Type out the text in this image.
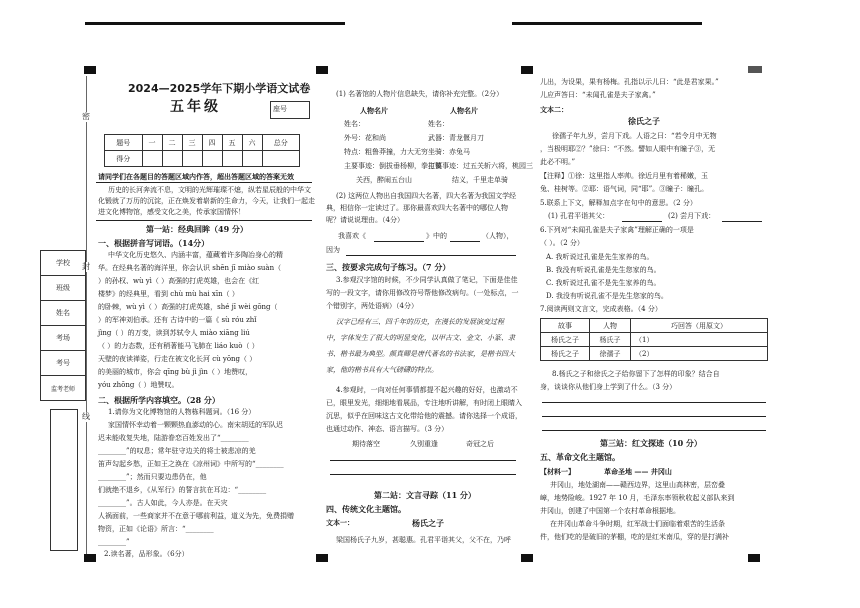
密
封
线
学校
班级
姓名
考场
考号
监考老师
2024—2025学年下期小学语文试卷
五年级	座号
题号	一	二	三	四	五	六	总分
得分							
请同学们在各题目的答题区域内作答，超出答题区域的答案无效
历史的长河奔流不息，文明的光辉璀璨不熄，纵若星辰般的中华文
化锻就了万历的沉淀，正在焕发着崭新的生命力，今天，让我们一起走
进文化博物馆，感受文化之美，传承家国情怀！
第一站：经典回眸（49 分）
一、根据拼音写词语。（14分）
中华文化历史悠久、内涵丰富，蕴藏着许多陶冶身心的精
华。在经典名著的海洋里，你会认识 shēn jī miào suàn（
）的孙权、wù yì（ ）高强的打虎英雄，也会在《红
楼梦》的经典里，看到 chù mù hai xīn（ ）
的卧棘，wù yì（ ）高强的打虎英雄，shé jī wèi gōng（
）的军神刘伯承。还有 古诗中的一篇《 sù róu zhǐ
jìng（ ）的万变，读到苏轼令人 miào xiāng liú
（ ）的力态数，还有稍著能马飞肺在 liáo kuò（ ）
天壁的夜读禅姿，行走在被文化长河 cù yōng（ ）
的美丽的城市，你会 qīng bù jì jìn（ ）地赞叹，
yóu zhōng（ ）地赞叹。
二、根据所学内容填空。（28 分）
1.请你为文化博物馆的人物栋科题词。（16 分）
家国情怀幸动着一颗颗热血澎动的心。南宋胡廷的军队迟
迟未能收复失地，陆游眷恋百姓发出了“________
________”的叹息；常年驻守边关的将士被悲凉的羌
笛声勾起乡愁，正如王之涣在《凉州词》中所写的“________
________”；然而只要边患仍在，他
们就绝不退乡，《从军行》的誓言抗在耳边：“________
________”。古人如此，今人亦是。在天灾
人祸面前，一些商家并不在意于哪前利益，道义为先，免费捐赠
物资，正如《论语》所言：“________
________”
2.读名著，品形象。（6分）
(1) 名著馆的人物片信息缺失，请你补充完整。（2分）
人物名片
姓名：
外号：花和尚
特点：粗鲁莽撞，力大无穷
主要事迹：倒拔垂杨柳，拳打镇
关西，醉闹五台山
人物名片
姓名：
武器：青龙偃月刀
坐骑：赤兔马
主要事迹：过五关斩六将，桃园三
结义，千里走单骑
(2) 这两位人物出自我国四大名著，四大名著为我国文学经
典，相信你一定读过了。那你最喜欢四大名著中的哪位人物
呢？请说说理由。（4分）
我喜欢《	》中的	（人物），
因为
三、按要求完成句子练习。（7 分）
3.参观汉字馆的时候，不少同学认真做了笔记，下面是佳佳
写的一段文字，请你用修改符号帮他修改病句。（一处标点，一
个错别字，两处语病）（4分）
汉字已经有三、四千年的历史，在漫长的发展演变过程
中，字体发生了很大的明显变化，以甲古文、金文、小篆、隶
书、楷书最为典型。颜真卿是唐代著名的书法家，是楷书四大
家，他的楷书具有大气磅礴的特点。
4.参观时，一向对任何事情都提不起兴趣的好好，也激动不
已，眼里发光，细细地看展品，专注地听讲解，有时闭上眼睛入
沉思，似乎在回味这古文化带给他的震撼。请你选择一个成语，
也通过动作、神态、语言描写。（3 分）
期待落空	久别重逢	奇冠之后
第二站：文言寻踪（11 分）
四、传统文化主题馆。
文本一：	杨氏之子
梁国杨氏子九岁，甚聪惠。孔君平诣其父，父不在，乃呼
儿出，为设果，果有杨梅。孔指以示儿曰：“此是君家果。”
儿应声答曰：“未闻孔雀是夫子家禽。”
文本二：
徐氏之子
徐孺子年九岁，尝月下戏。人语之曰：“若令月中无物
，当极明耶②？”徐曰：“不然。譬如人眼中有瞳子③，无
此必不明。”
【注释】①徐：这里指人率帅。徐近月里有着稀嫩，玉
兔、桂树等。②耶：语气词，同“耶”。③瞳子：瞳孔。
5.联系上下文，解释加点字在句中的意思。（2 分）
(1) 孔君平诣其父：	(2) 尝月下戏：
6.下列对“未闻孔雀是夫子家禽”理解正确的一项是
（ ）。（2 分）
A. 我听说过孔雀是先生家养的鸟。
B. 我没有听说孔雀是先生您家的鸟。
C. 我听说过孔雀不是先生家养的鸟。
D. 我没有听说孔雀不是先生您家的鸟。
7.阅读两则文言文，完成表格。（4 分）
故事	人物	巧回答（用原文）
杨氏之子	杨氏子	（1）
杨氏之子	徐孺子	（2）
8.杨氏之子和徐氏之子给你留下了怎样的印象？结合自
身，谈谈你从他们身上学到了什么。（3 分）
第三站：红文探迹（10 分）
五、革命文化主题馆。
【材料一】	革命圣地 —— 井冈山
井冈山，地处湖南——赣西边界，这里山高林密，层峦叠
嶂，地势险峻。1927 年 10 月，毛泽东率领秋收起义部队来到
井冈山，创建了中国第一个农村革命根据地。
在井冈山革命斗争时期，红军战士们面临着艰苦的生活条
件，他们吃的是破旧的茅棚，吃的是红米南瓜，穿的是打满补
